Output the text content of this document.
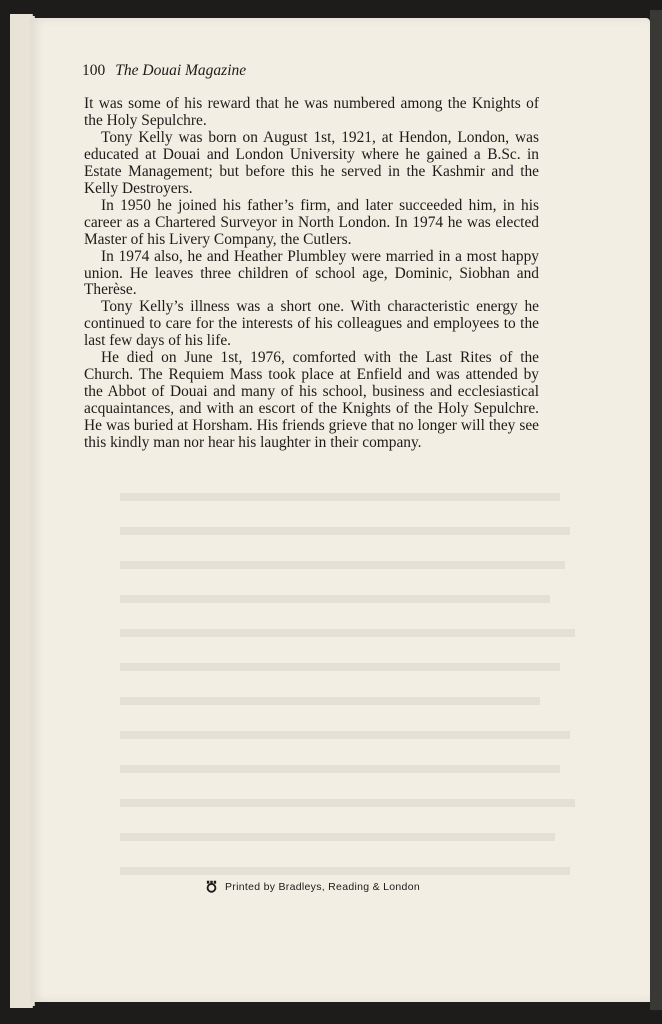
100 The Douai Magazine

It was some of his reward that he was numbered among the Knights of the Holy Sepulchre.

Tony Kelly was born on August 1st, 1921, at Hendon, London, was educated at Douai and London University where he gained a B.Sc. in Estate Management; but before this he served in the Kashmir and the Kelly Destroyers.

In 1950 he joined his father’s firm, and later succeeded him, in his career as a Chartered Surveyor in North London. In 1974 he was elected Master of his Livery Company, the Cutlers.

In 1974 also, he and Heather Plumbley were married in a most happy union. He leaves three children of school age, Dominic, Siobhan and Therèse.

Tony Kelly’s illness was a short one. With characteristic energy he continued to care for the interests of his colleagues and employees to the last few days of his life.

He died on June 1st, 1976, comforted with the Last Rites of the Church. The Requiem Mass took place at Enfield and was attended by the Abbot of Douai and many of his school, business and ecclesiastical acquaintances, and with an escort of the Knights of the Holy Sepulchre. He was buried at Horsham. His friends grieve that no longer will they see this kindly man nor hear his laughter in their company.

Printed by Bradleys, Reading & London
